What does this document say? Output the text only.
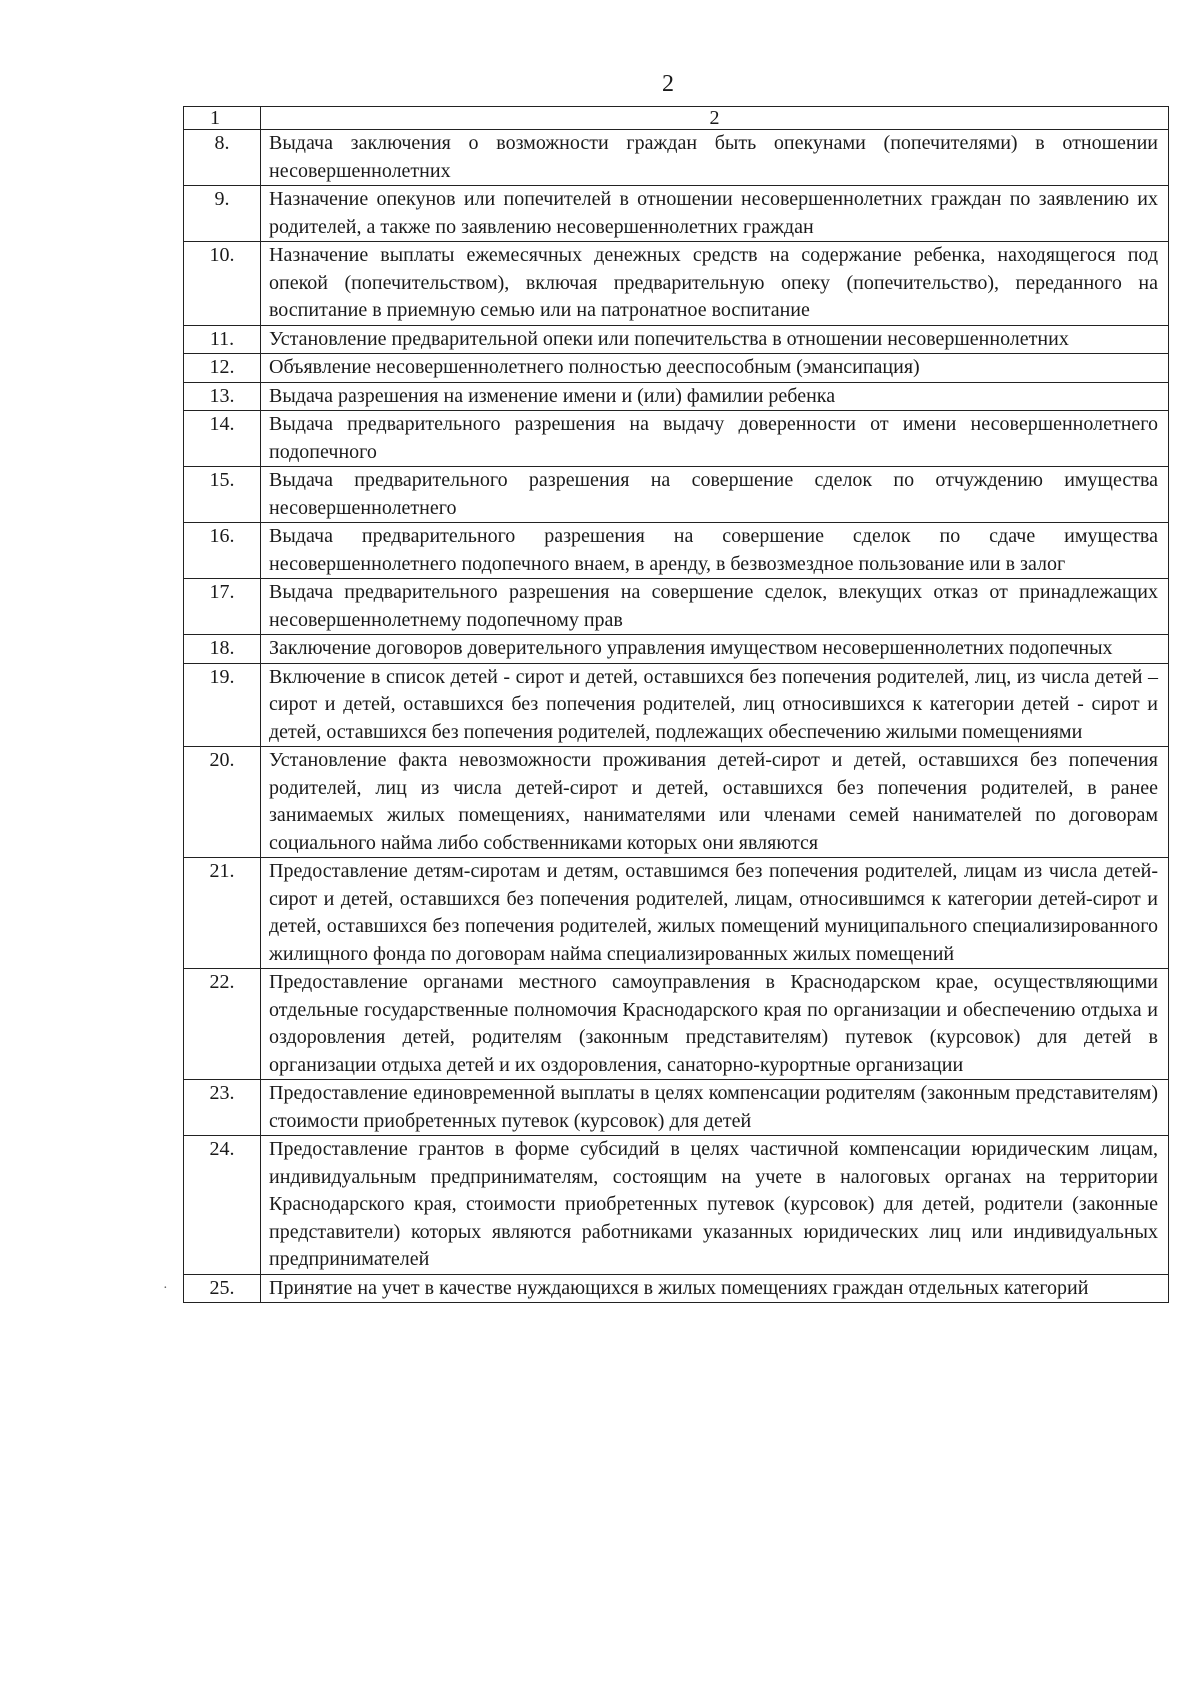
2
1	2
8.	Выдача заключения о возможности граждан быть опекунами (попечителями) в отношении несовершеннолетних
9.	Назначение опекунов или попечителей в отношении несовершеннолетних граждан по заявлению их родителей, а также по заявлению несовершеннолетних граждан
10.	Назначение выплаты ежемесячных денежных средств на содержание ребенка, находящегося под опекой (попечительством), включая предварительную опеку (попечительство), переданного на воспитание в приемную семью или на патронатное воспитание
11.	Установление предварительной опеки или попечительства в отношении несовершеннолетних
12.	Объявление несовершеннолетнего полностью дееспособным (эмансипация)
13.	Выдача разрешения на изменение имени и (или) фамилии ребенка
14.	Выдача предварительного разрешения на выдачу доверенности от имени несовершеннолетнего подопечного
15.	Выдача предварительного разрешения на совершение сделок по отчуждению имущества несовершеннолетнего
16.	Выдача предварительного разрешения на совершение сделок по сдаче имущества несовершеннолетнего подопечного внаем, в аренду, в безвозмездное пользование или в залог
17.	Выдача предварительного разрешения на совершение сделок, влекущих отказ от принадлежащих несовершеннолетнему подопечному прав
18.	Заключение договоров доверительного управления имуществом несовершеннолетних подопечных
19.	Включение в список детей - сирот и детей, оставшихся без попечения родителей, лиц, из числа детей – сирот и детей, оставшихся без попечения родителей, лиц относившихся к категории детей - сирот и детей, оставшихся без попечения родителей, подлежащих обеспечению жилыми помещениями
20.	Установление факта невозможности проживания детей-сирот и детей, оставшихся без попечения родителей, лиц из числа детей-сирот и детей, оставшихся без попечения родителей, в ранее занимаемых жилых помещениях, нанимателями или членами семей нанимателей по договорам социального найма либо собственниками которых они являются
21.	Предоставление детям-сиротам и детям, оставшимся без попечения родителей, лицам из числа детей-сирот и детей, оставшихся без попечения родителей, лицам, относившимся к категории детей-сирот и детей, оставшихся без попечения родителей, жилых помещений муниципального специализированного жилищного фонда по договорам найма специализированных жилых помещений
22.	Предоставление органами местного самоуправления в Краснодарском крае, осуществляющими отдельные государственные полномочия Краснодарского края по организации и обеспечению отдыха и оздоровления детей, родителям (законным представителям) путевок (курсовок) для детей в организации отдыха детей и их оздоровления, санаторно-курортные организации
23.	Предоставление единовременной выплаты в целях компенсации родителям (законным представителям) стоимости приобретенных путевок (курсовок) для детей
24.	Предоставление грантов в форме субсидий в целях частичной компенсации юридическим лицам, индивидуальным предпринимателям, состоящим на учете в налоговых органах на территории Краснодарского края, стоимости приобретенных путевок (курсовок) для детей, родители (законные представители) которых являются работниками указанных юридических лиц или индивидуальных предпринимателей
25.	Принятие на учет в качестве нуждающихся в жилых помещениях граждан отдельных категорий
·
